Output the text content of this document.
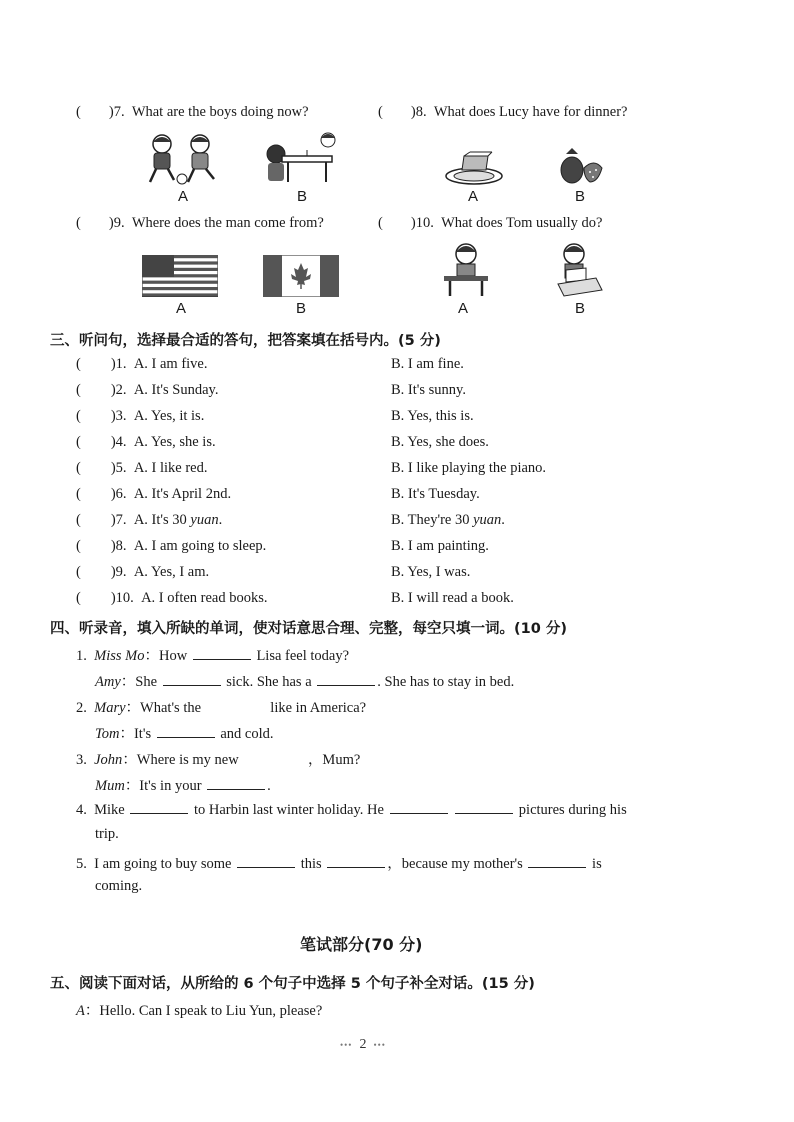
( )7. What are the boys doing now?	( )8. What does Lucy have for dinner?
A	B	A	B
( )9. Where does the man come from?	( )10. What does Tom usually do?
A	B	A	B
三、听问句，选择最合适的答句，把答案填在括号内。(5 分)
( )1. A. I am five.	B. I am fine.
( )2. A. It's Sunday.	B. It's sunny.
( )3. A. Yes, it is.	B. Yes, this is.
( )4. A. Yes, she is.	B. Yes, she does.
( )5. A. I like red.	B. I like playing the piano.
( )6. A. It's April 2nd.	B. It's Tuesday.
( )7. A. It's 30 yuan.	B. They're 30 yuan.
( )8. A. I am going to sleep.	B. I am painting.
( )9. A. Yes, I am.	B. Yes, I was.
( )10. A. I often read books.	B. I will read a book.
四、听录音，填入所缺的单词，使对话意思合理、完整，每空只填一词。(10 分)
1. Miss Mo：How	Lisa feel today?
Amy：She	sick. She has a	. She has to stay in bed.
2. Mary：What's the	like in America?
Tom：It's	and cold.
3. John：Where is my new	，Mum?
Mum：It's in your	.
4. Mike	to Harbin last winter holiday. He	pictures during his
trip.
5. I am going to buy some	this	，because my mother's	is
coming.
笔试部分(70 分)
五、阅读下面对话，从所给的 6 个句子中选择 5 个句子补全对话。(15 分)
A：Hello. Can I speak to Liu Yun, please?
••• 2 •••
